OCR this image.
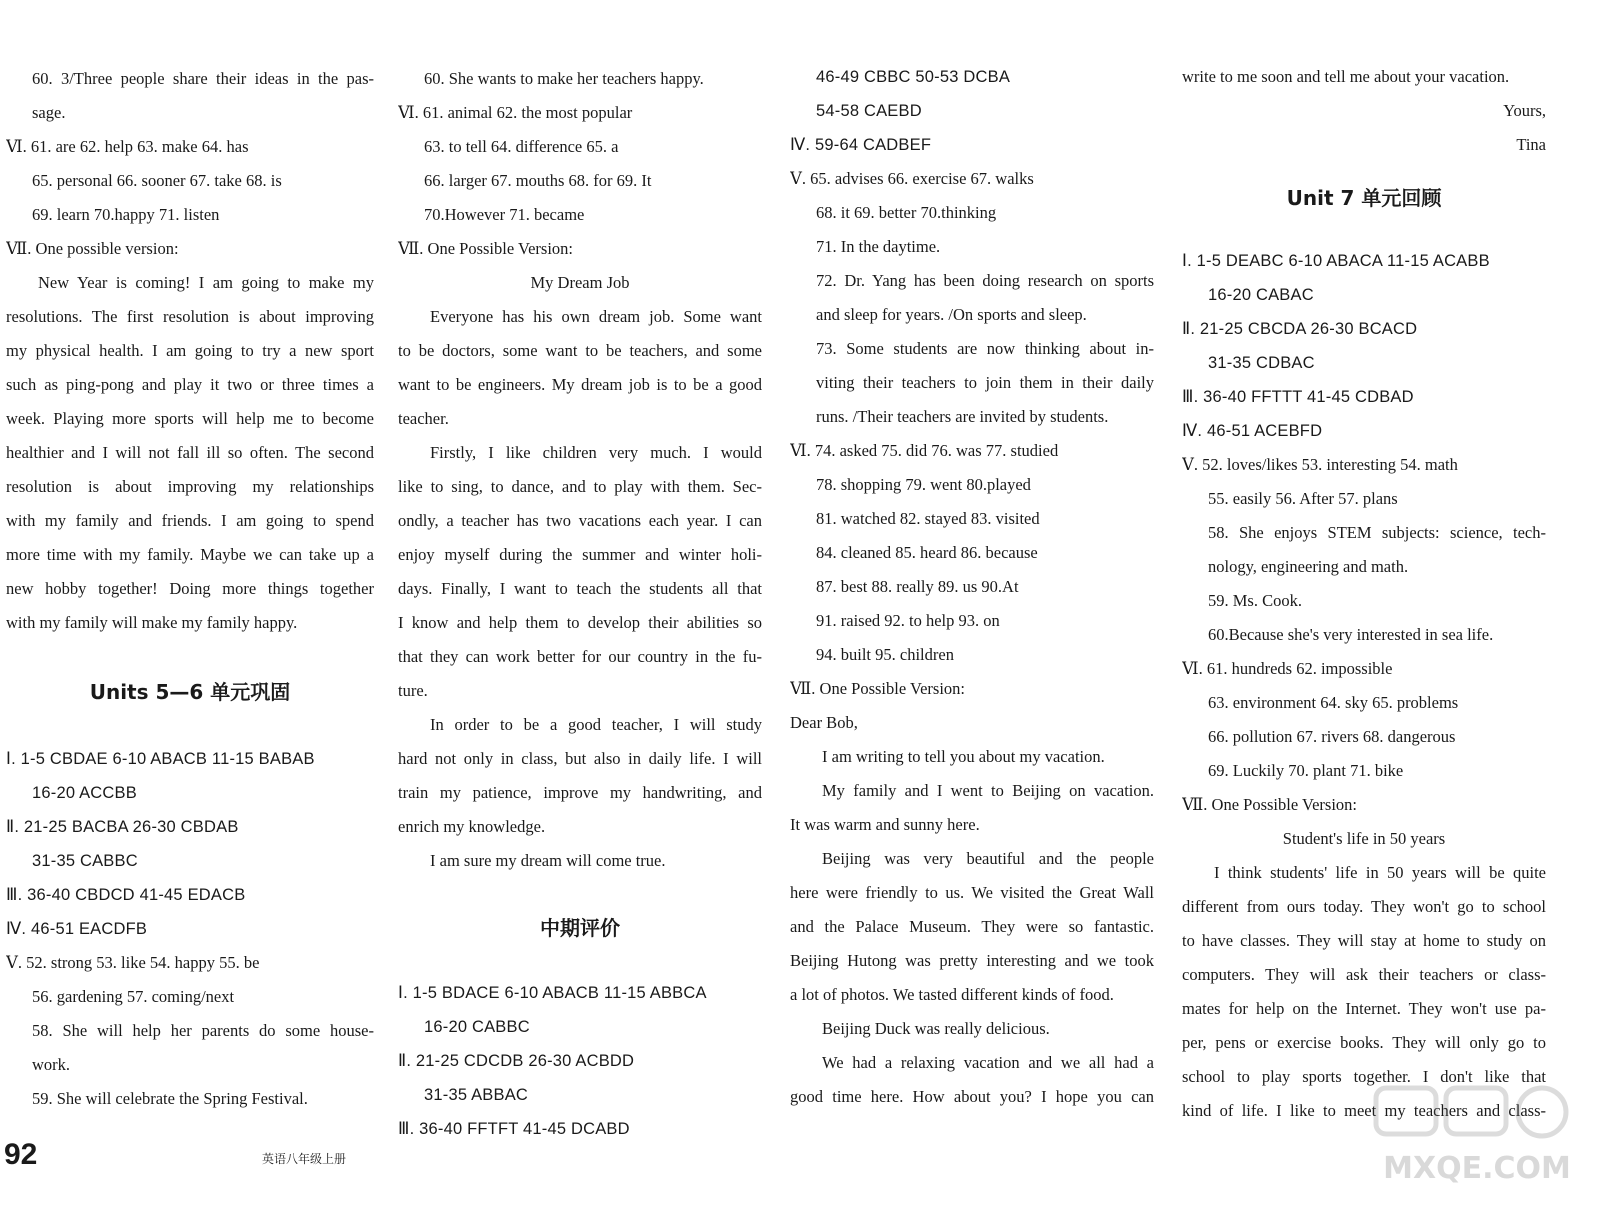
60. 3/Three people share their ideas in the pas-
sage.
Ⅵ. 61. are 62. help 63. make 64. has
65. personal 66. sooner 67. take 68. is
69. learn 70.happy 71. listen
Ⅶ. One possible version:
New Year is coming! I am going to make my
resolutions. The first resolution is about improving
my physical health. I am going to try a new sport
such as ping-pong and play it two or three times a
week. Playing more sports will help me to become
healthier and I will not fall ill so often. The second
resolution is about improving my relationships
with my family and friends. I am going to spend
more time with my family. Maybe we can take up a
new hobby together! Doing more things together
with my family will make my family happy.
Units 5—6 单元巩固
Ⅰ. 1-5 CBDAE 6-10 ABACB 11-15 BABAB
16-20 ACCBB
Ⅱ. 21-25 BACBA 26-30 CBDAB
31-35 CABBC
Ⅲ. 36-40 CBDCD 41-45 EDACB
Ⅳ. 46-51 EACDFB
Ⅴ. 52. strong 53. like 54. happy 55. be
56. gardening 57. coming/next
58. She will help her parents do some house-
work.
59. She will celebrate the Spring Festival.
60. She wants to make her teachers happy.
Ⅵ. 61. animal 62. the most popular
63. to tell 64. difference 65. a
66. larger 67. mouths 68. for 69. It
70.However 71. became
Ⅶ. One Possible Version:
My Dream Job
Everyone has his own dream job. Some want
to be doctors, some want to be teachers, and some
want to be engineers. My dream job is to be a good
teacher.
Firstly, I like children very much. I would
like to sing, to dance, and to play with them. Sec-
ondly, a teacher has two vacations each year. I can
enjoy myself during the summer and winter holi-
days. Finally, I want to teach the students all that
I know and help them to develop their abilities so
that they can work better for our country in the fu-
ture.
In order to be a good teacher, I will study
hard not only in class, but also in daily life. I will
train my patience, improve my handwriting, and
enrich my knowledge.
I am sure my dream will come true.
中期评价
Ⅰ. 1-5 BDACE 6-10 ABACB 11-15 ABBCA
16-20 CABBC
Ⅱ. 21-25 CDCDB 26-30 ACBDD
31-35 ABBAC
Ⅲ. 36-40 FFTFT 41-45 DCABD
46-49 CBBC 50-53 DCBA
54-58 CAEBD
Ⅳ. 59-64 CADBEF
Ⅴ. 65. advises 66. exercise 67. walks
68. it 69. better 70.thinking
71. In the daytime.
72. Dr. Yang has been doing research on sports
and sleep for years. /On sports and sleep.
73. Some students are now thinking about in-
viting their teachers to join them in their daily
runs. /Their teachers are invited by students.
Ⅵ. 74. asked 75. did 76. was 77. studied
78. shopping 79. went 80.played
81. watched 82. stayed 83. visited
84. cleaned 85. heard 86. because
87. best 88. really 89. us 90.At
91. raised 92. to help 93. on
94. built 95. children
Ⅶ. One Possible Version:
Dear Bob,
I am writing to tell you about my vacation.
My family and I went to Beijing on vacation.
It was warm and sunny here.
Beijing was very beautiful and the people
here were friendly to us. We visited the Great Wall
and the Palace Museum. They were so fantastic.
Beijing Hutong was pretty interesting and we took
a lot of photos. We tasted different kinds of food.
Beijing Duck was really delicious.
We had a relaxing vacation and we all had a
good time here. How about you? I hope you can
write to me soon and tell me about your vacation.
Yours,
Tina
Unit 7 单元回顾
Ⅰ. 1-5 DEABC 6-10 ABACA 11-15 ACABB
16-20 CABAC
Ⅱ. 21-25 CBCDA 26-30 BCACD
31-35 CDBAC
Ⅲ. 36-40 FFTTT 41-45 CDBAD
Ⅳ. 46-51 ACEBFD
Ⅴ. 52. loves/likes 53. interesting 54. math
55. easily 56. After 57. plans
58. She enjoys STEM subjects: science, tech-
nology, engineering and math.
59. Ms. Cook.
60.Because she's very interested in sea life.
Ⅵ. 61. hundreds 62. impossible
63. environment 64. sky 65. problems
66. pollution 67. rivers 68. dangerous
69. Luckily 70. plant 71. bike
Ⅶ. One Possible Version:
Student's life in 50 years
I think students' life in 50 years will be quite
different from ours today. They won't go to school
to have classes. They will stay at home to study on
computers. They will ask their teachers or class-
mates for help on the Internet. They won't use pa-
per, pens or exercise books. They will only go to
school to play sports together. I don't like that
kind of life. I like to meet my teachers and class-
92	英语八年级上册	MXQE.COM
